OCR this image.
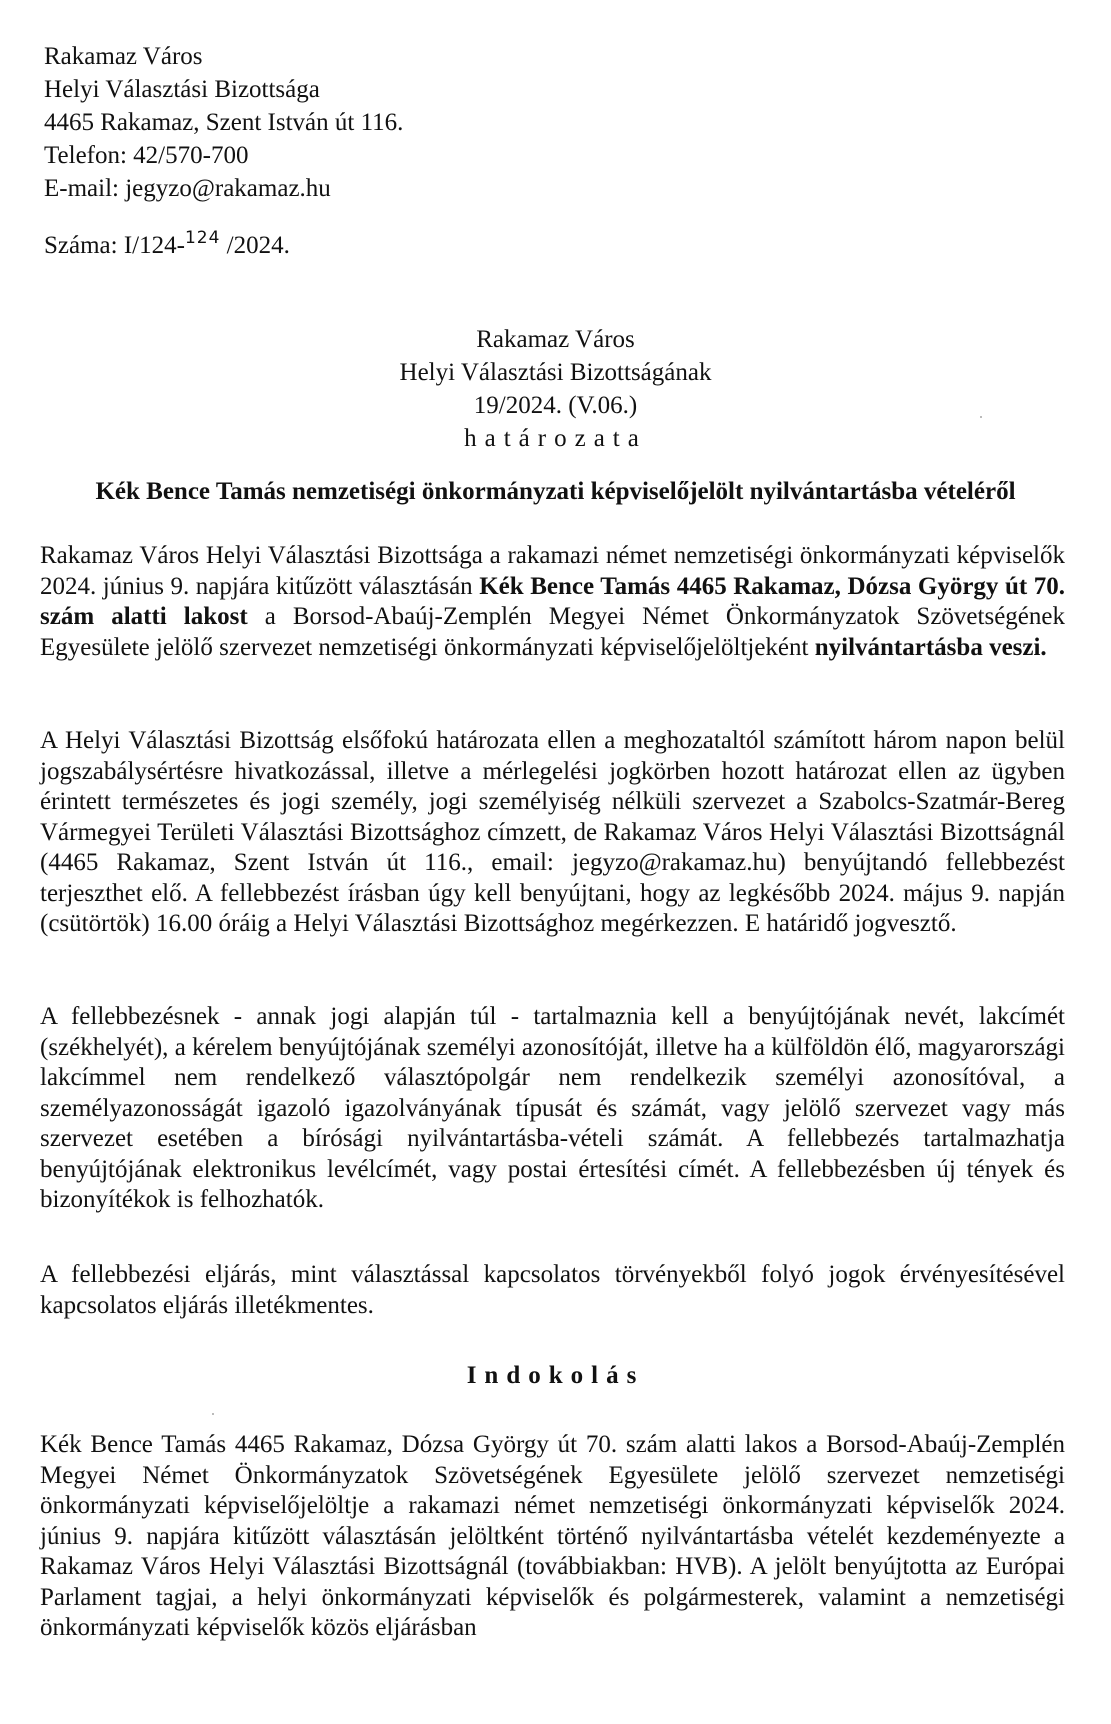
Rakamaz Város
Helyi Választási Bizottsága
4465 Rakamaz, Szent István út 116.
Telefon: 42/570-700
E-mail: jegyzo@rakamaz.hu
Száma: I/124-$^{124}$ /2024.
Rakamaz Város
Helyi Választási Bizottságának
19/2024. (V.06.)
határozata
Kék Bence Tamás nemzetiségi önkormányzati képviselőjelölt nyilvántartásba vételéről
Rakamaz Város Helyi Választási Bizottsága a rakamazi német nemzetiségi önkormányzati képviselők 2024. június 9. napjára kitűzött választásán Kék Bence Tamás 4465 Rakamaz, Dózsa György út 70. szám alatti lakost a Borsod-Abaúj-Zemplén Megyei Német Önkormányzatok Szövetségének Egyesülete jelölő szervezet nemzetiségi önkormányzati képviselőjelöltjeként nyilvántartásba veszi.
A Helyi Választási Bizottság elsőfokú határozata ellen a meghozataltól számított három napon belül jogszabálysértésre hivatkozással, illetve a mérlegelési jogkörben hozott határozat ellen az ügyben érintett természetes és jogi személy, jogi személyiség nélküli szervezet a Szabolcs-Szatmár-Bereg Vármegyei Területi Választási Bizottsághoz címzett, de Rakamaz Város Helyi Választási Bizottságnál (4465 Rakamaz, Szent István út 116., email: jegyzo@rakamaz.hu) benyújtandó fellebbezést terjeszthet elő. A fellebbezést írásban úgy kell benyújtani, hogy az legkésőbb 2024. május 9. napján (csütörtök) 16.00 óráig a Helyi Választási Bizottsághoz megérkezzen. E határidő jogvesztő.
A fellebbezésnek - annak jogi alapján túl - tartalmaznia kell a benyújtójának nevét, lakcímét (székhelyét), a kérelem benyújtójának személyi azonosítóját, illetve ha a külföldön élő, magyarországi lakcímmel nem rendelkező választópolgár nem rendelkezik személyi azonosítóval, a személyazonosságát igazoló igazolványának típusát és számát, vagy jelölő szervezet vagy más szervezet esetében a bírósági nyilvántartásba-vételi számát. A fellebbezés tartalmazhatja benyújtójának elektronikus levélcímét, vagy postai értesítési címét. A fellebbezésben új tények és bizonyítékok is felhozhatók.
A fellebbezési eljárás, mint választással kapcsolatos törvényekből folyó jogok érvényesítésével kapcsolatos eljárás illetékmentes.
Indokolás
Kék Bence Tamás 4465 Rakamaz, Dózsa György út 70. szám alatti lakos a Borsod-Abaúj-Zemplén Megyei Német Önkormányzatok Szövetségének Egyesülete jelölő szervezet nemzetiségi önkormányzati képviselőjelöltje a rakamazi német nemzetiségi önkormányzati képviselők 2024. június 9. napjára kitűzött választásán jelöltként történő nyilvántartásba vételét kezdeményezte a Rakamaz Város Helyi Választási Bizottságnál (továbbiakban: HVB). A jelölt benyújtotta az Európai Parlament tagjai, a helyi önkormányzati képviselők és polgármesterek, valamint a nemzetiségi önkormányzati képviselők közös eljárásban
